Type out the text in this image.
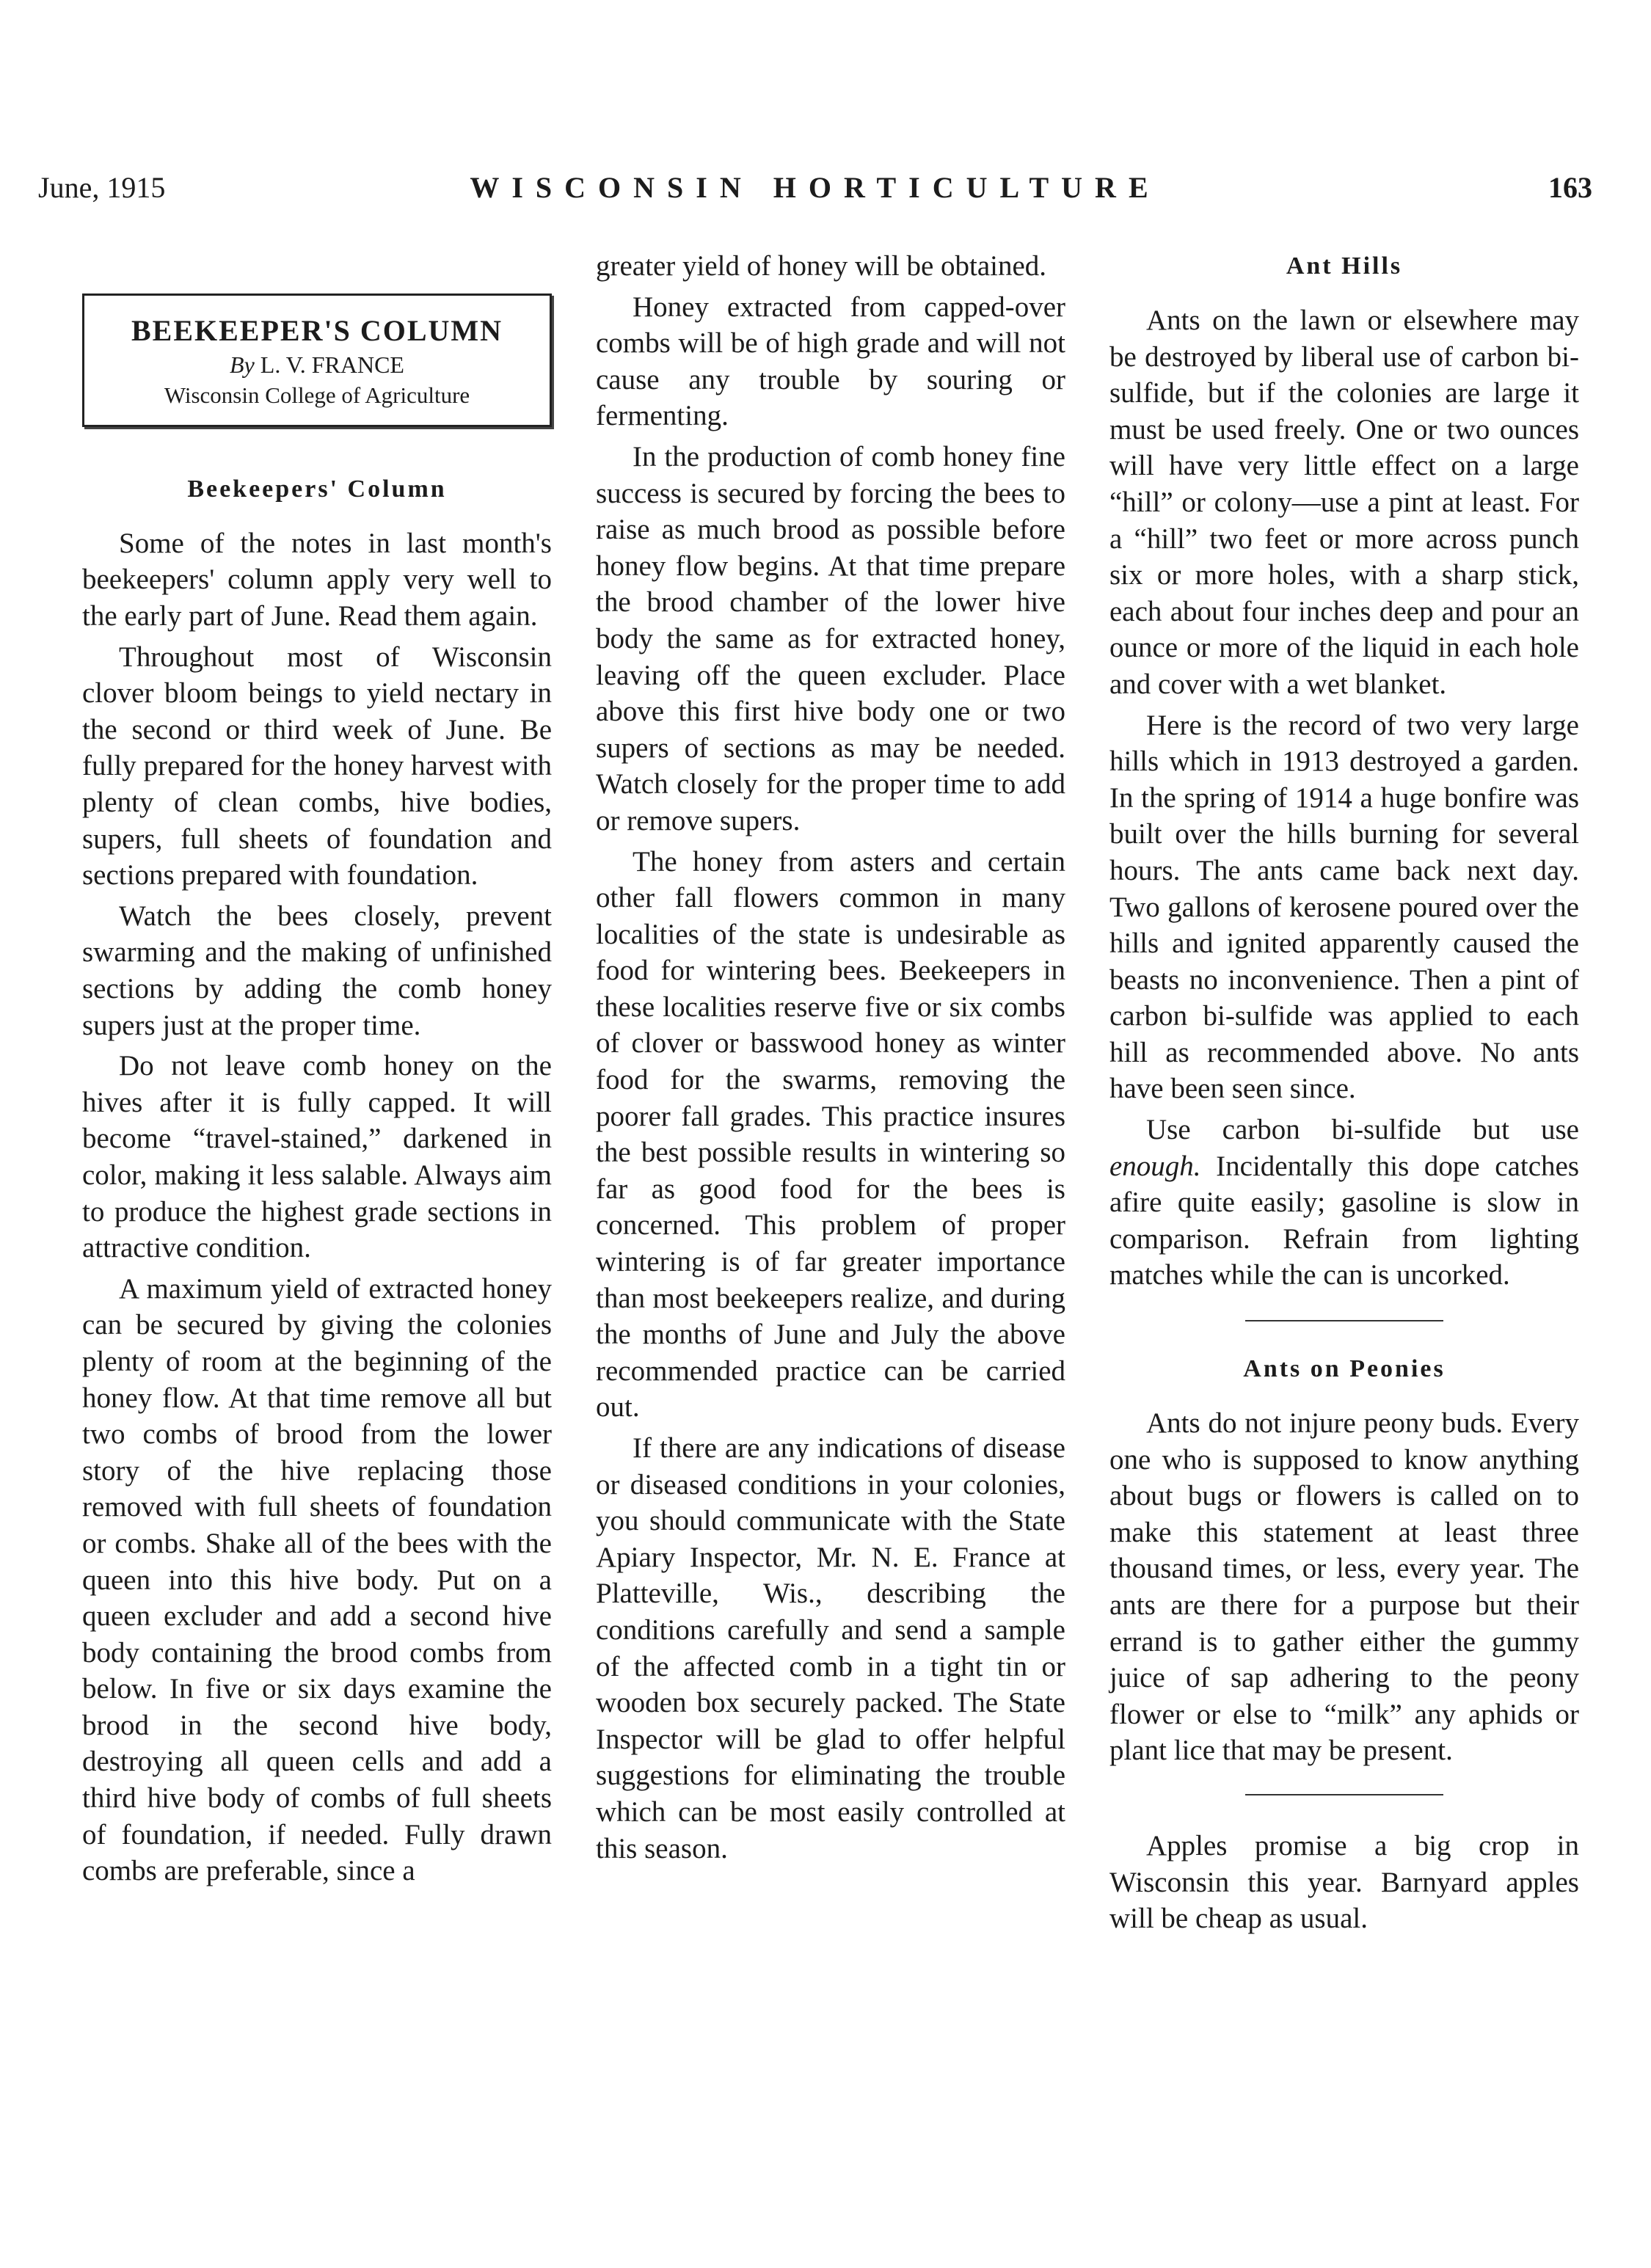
WISCONSIN HORTICULTURE
June, 1915	163
BEEKEEPER'S COLUMN
By L. V. FRANCE
Wisconsin College of Agriculture
Beekeepers' Column

Some of the notes in last month's beekeepers' column apply very well to the early part of June. Read them again.

Throughout most of Wisconsin clover bloom beings to yield nectary in the second or third week of June. Be fully prepared for the honey harvest with plenty of clean combs, hive bodies, supers, full sheets of foundation and sections prepared with foundation.

Watch the bees closely, prevent swarming and the making of unfinished sections by adding the comb honey supers just at the proper time.

Do not leave comb honey on the hives after it is fully capped. It will become “travel-stained,” darkened in color, making it less salable. Always aim to produce the highest grade sections in attractive condition.

A maximum yield of extracted honey can be secured by giving the colonies plenty of room at the beginning of the honey flow. At that time remove all but two combs of brood from the lower story of the hive replacing those removed with full sheets of foundation or combs. Shake all of the bees with the queen into this hive body. Put on a queen excluder and add a second hive body containing the brood combs from below. In five or six days examine the brood in the second hive body, destroying all queen cells and add a third hive body of combs of full sheets of foundation, if needed. Fully drawn combs are preferable, since a

greater yield of honey will be obtained.

Honey extracted from capped-over combs will be of high grade and will not cause any trouble by souring or fermenting.

In the production of comb honey fine success is secured by forcing the bees to raise as much brood as possible before honey flow begins. At that time prepare the brood chamber of the lower hive body the same as for extracted honey, leaving off the queen excluder. Place above this first hive body one or two supers of sections as may be needed. Watch closely for the proper time to add or remove supers.

The honey from asters and certain other fall flowers common in many localities of the state is undesirable as food for wintering bees. Beekeepers in these localities reserve five or six combs of clover or basswood honey as winter food for the swarms, removing the poorer fall grades. This practice insures the best possible results in wintering so far as good food for the bees is concerned. This problem of proper wintering is of far greater importance than most beekeepers realize, and during the months of June and July the above recommended practice can be carried out.

If there are any indications of disease or diseased conditions in your colonies, you should communicate with the State Apiary Inspector, Mr. N. E. France at Platteville, Wis., describing the conditions carefully and send a sample of the affected comb in a tight tin or wooden box securely packed. The State Inspector will be glad to offer helpful suggestions for eliminating the trouble which can be most easily controlled at this season.

Ant Hills

Ants on the lawn or elsewhere may be destroyed by liberal use of carbon bi-sulfide, but if the colonies are large it must be used freely. One or two ounces will have very little effect on a large “hill” or colony—use a pint at least. For a “hill” two feet or more across punch six or more holes, with a sharp stick, each about four inches deep and pour an ounce or more of the liquid in each hole and cover with a wet blanket.

Here is the record of two very large hills which in 1913 destroyed a garden. In the spring of 1914 a huge bonfire was built over the hills burning for several hours. The ants came back next day. Two gallons of kerosene poured over the hills and ignited apparently caused the beasts no inconvenience. Then a pint of carbon bi-sulfide was applied to each hill as recommended above. No ants have been seen since.

Use carbon bi-sulfide but use enough. Incidentally this dope catches afire quite easily; gasoline is slow in comparison. Refrain from lighting matches while the can is uncorked.

Ants on Peonies

Ants do not injure peony buds. Every one who is supposed to know anything about bugs or flowers is called on to make this statement at least three thousand times, or less, every year. The ants are there for a purpose but their errand is to gather either the gummy juice of sap adhering to the peony flower or else to “milk” any aphids or plant lice that may be present.

Apples promise a big crop in Wisconsin this year. Barnyard apples will be cheap as usual.
